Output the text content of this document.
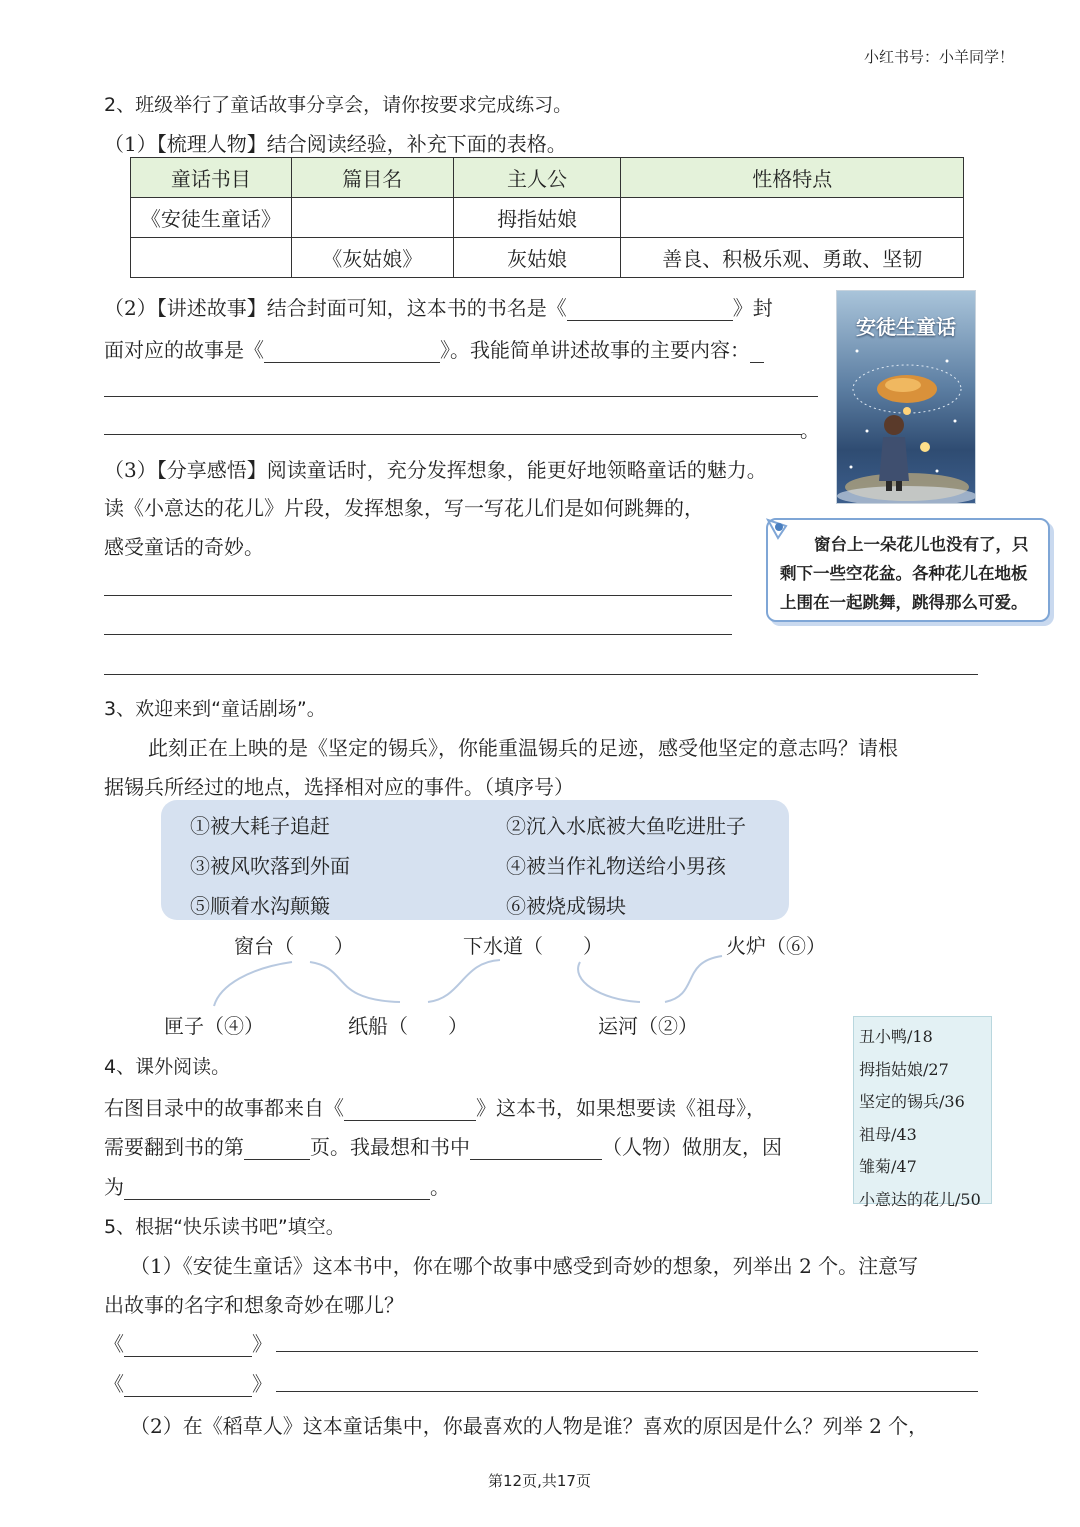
小红书号：小羊同学！
2、班级举行了童话故事分享会，请你按要求完成练习。
（1）【梳理人物】结合阅读经验，补充下面的表格。
童话书目	篇目名	主人公	性格特点
《安徒生童话》		拇指姑娘	
	《灰姑娘》	灰姑娘	善良、积极乐观、勇敢、坚韧
（2）【讲述故事】结合封面可知，这本书的书名是《	》封
面对应的故事是《	》。我能简单讲述故事的主要内容：
。
安徒生童话
（3）【分享感悟】阅读童话时，充分发挥想象，能更好地领略童话的魅力。
读《小意达的花儿》片段，发挥想象，写一写花儿们是如何跳舞的，
感受童话的奇妙。	窗台上一朵花儿也没有了，只剩下一些空花盆。各种花儿在地板上围在一起跳舞，跳得那么可爱。
3、欢迎来到“童话剧场”。
此刻正在上映的是《坚定的锡兵》，你能重温锡兵的足迹，感受他坚定的意志吗？请根
据锡兵所经过的地点，选择相对应的事件。（填序号）
①被大耗子追赶	②沉入水底被大鱼吃进肚子
③被风吹落到外面	④被当作礼物送给小男孩
⑤顺着水沟颠簸	⑥被烧成锡块
窗台（　　）	下水道（　　）	火炉（⑥）
匣子（④）	纸船（　　）	运河（②）
4、课外阅读。
右图目录中的故事都来自《	》这本书，如果想要读《祖母》，
需要翻到书的第	页。我最想和书中	（人物）做朋友，因
为	。
丑小鸭/18
拇指姑娘/27
坚定的锡兵/36
祖母/43
雏菊/47
小意达的花儿/50
5、根据“快乐读书吧”填空。
（1）《安徒生童话》这本书中，你在哪个故事中感受到奇妙的想象，列举出 2 个。注意写
出故事的名字和想象奇妙在哪儿？
《	》
《	》
（2）在《稻草人》这本童话集中，你最喜欢的人物是谁？喜欢的原因是什么？列举 2 个，
第12页,共17页
